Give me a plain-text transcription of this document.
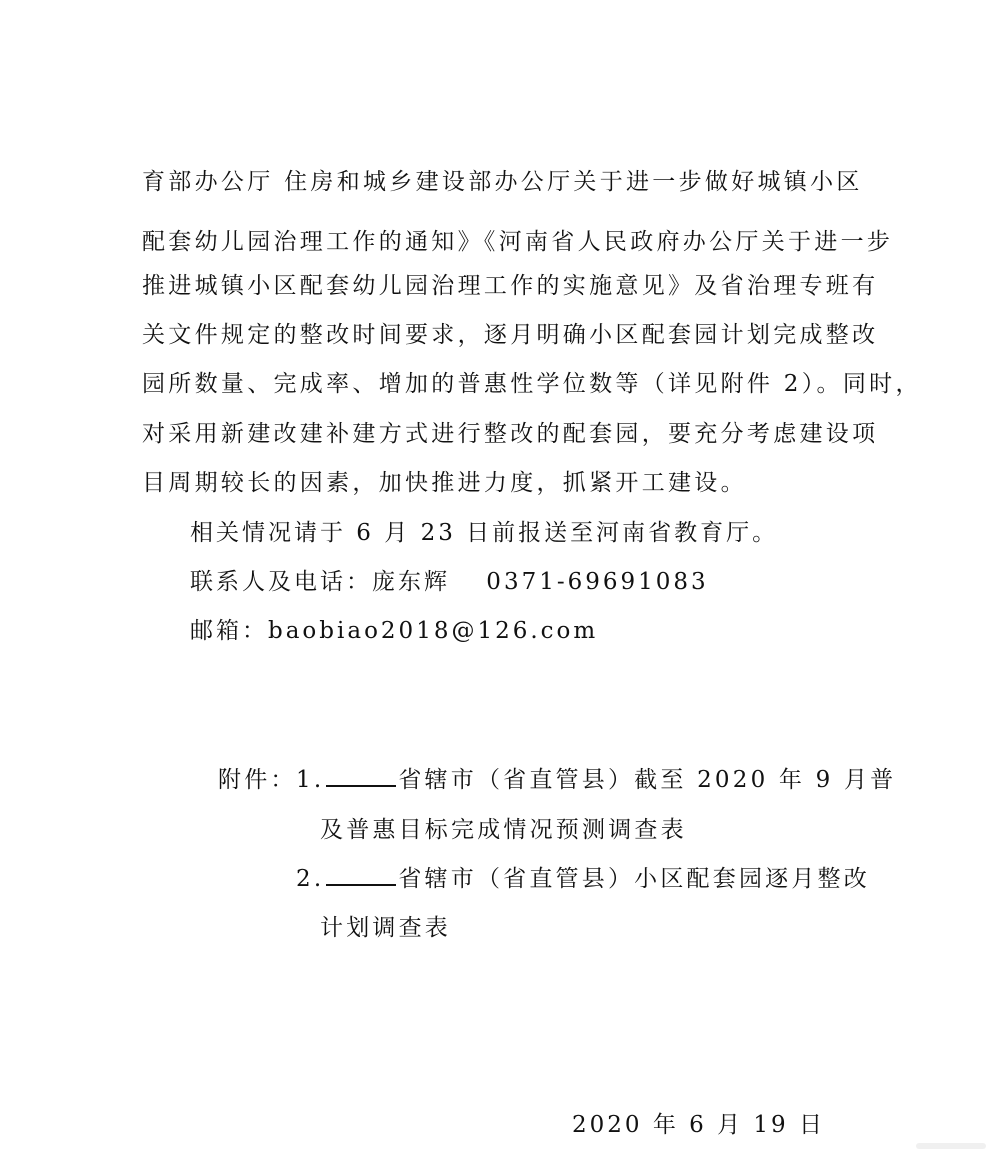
育部办公厅 住房和城乡建设部办公厅关于进一步做好城镇小区
配套幼儿园治理工作的通知》《河南省人民政府办公厅关于进一步
推进城镇小区配套幼儿园治理工作的实施意见》及省治理专班有
关文件规定的整改时间要求，逐月明确小区配套园计划完成整改
园所数量、完成率、增加的普惠性学位数等（详见附件 2）。同时，
对采用新建改建补建方式进行整改的配套园，要充分考虑建设项
目周期较长的因素，加快推进力度，抓紧开工建设。
相关情况请于 6 月 23 日前报送至河南省教育厅。
联系人及电话：庞东辉　 0371-69691083
邮箱：baobiao2018@126.com
附件： 1.	省辖市（省直管县）截至 2020 年 9 月普
及普惠目标完成情况预测调查表
2.	省辖市（省直管县）小区配套园逐月整改
计划调查表
2020 年 6 月 19 日
